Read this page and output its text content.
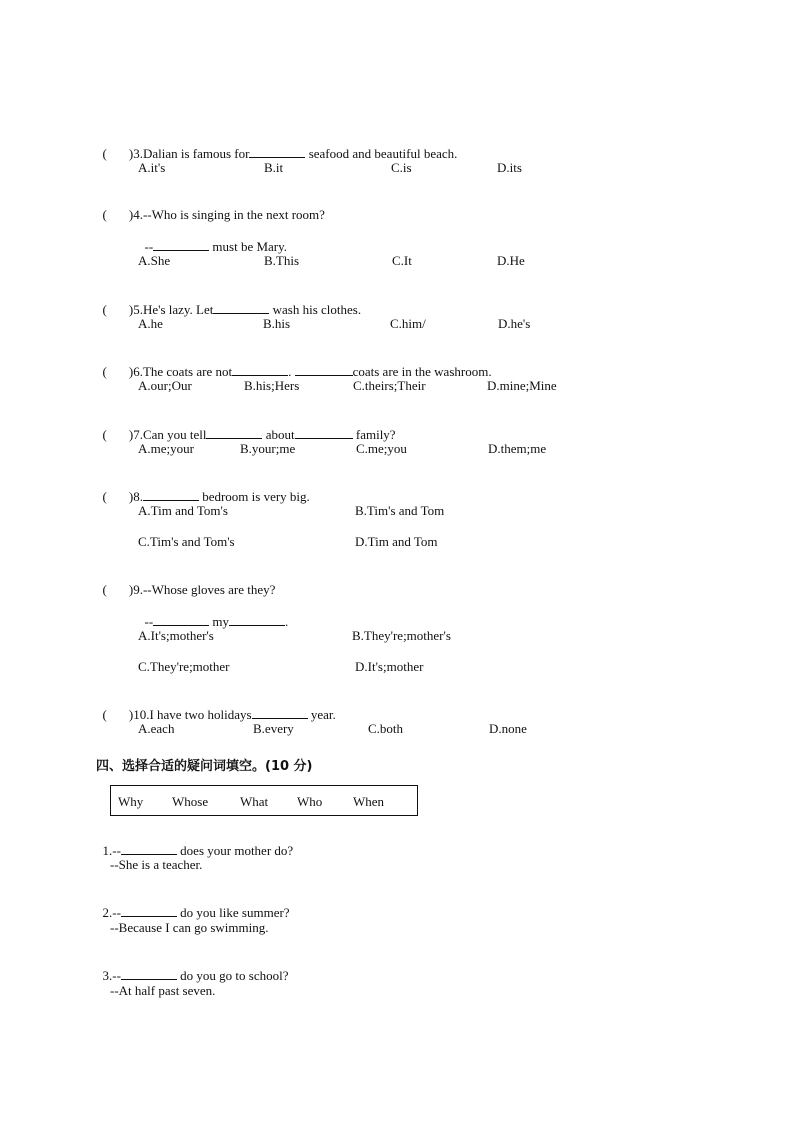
( )3.Dalian is famous for	seafood and beautiful beach.

A.it's	B.it	C.is	D.its

( )4.--Who is singing in the next room?

--	must be Mary.

A.She	B.This	C.It	D.He

( )5.He's lazy. Let	wash his clothes.

A.he	B.his	C.him/	D.he's

( )6.The coats are not	.	coats are in the washroom.

A.our;Our	B.his;Hers	C.theirs;Their	D.mine;Mine

( )7.Can you tell	about	family?

A.me;your	B.your;me	C.me;you	D.them;me

( )8.	bedroom is very big.

A.Tim and Tom's	B.Tim's and Tom
C.Tim's and Tom's	D.Tim and Tom

( )9.--Whose gloves are they?

--	my	.

A.It's;mother's	B.They're;mother's
C.They're;mother	D.It's;mother

( )10.I have two holidays	year.

A.each	B.every	C.both	D.none
四、选择合适的疑问词填空。(10 分)
Why Whose What Who When

1.--	does your mother do?

--She is a teacher.

2.--	do you like summer?

--Because I can go swimming.

3.--	do you go to school?

--At half past seven.
